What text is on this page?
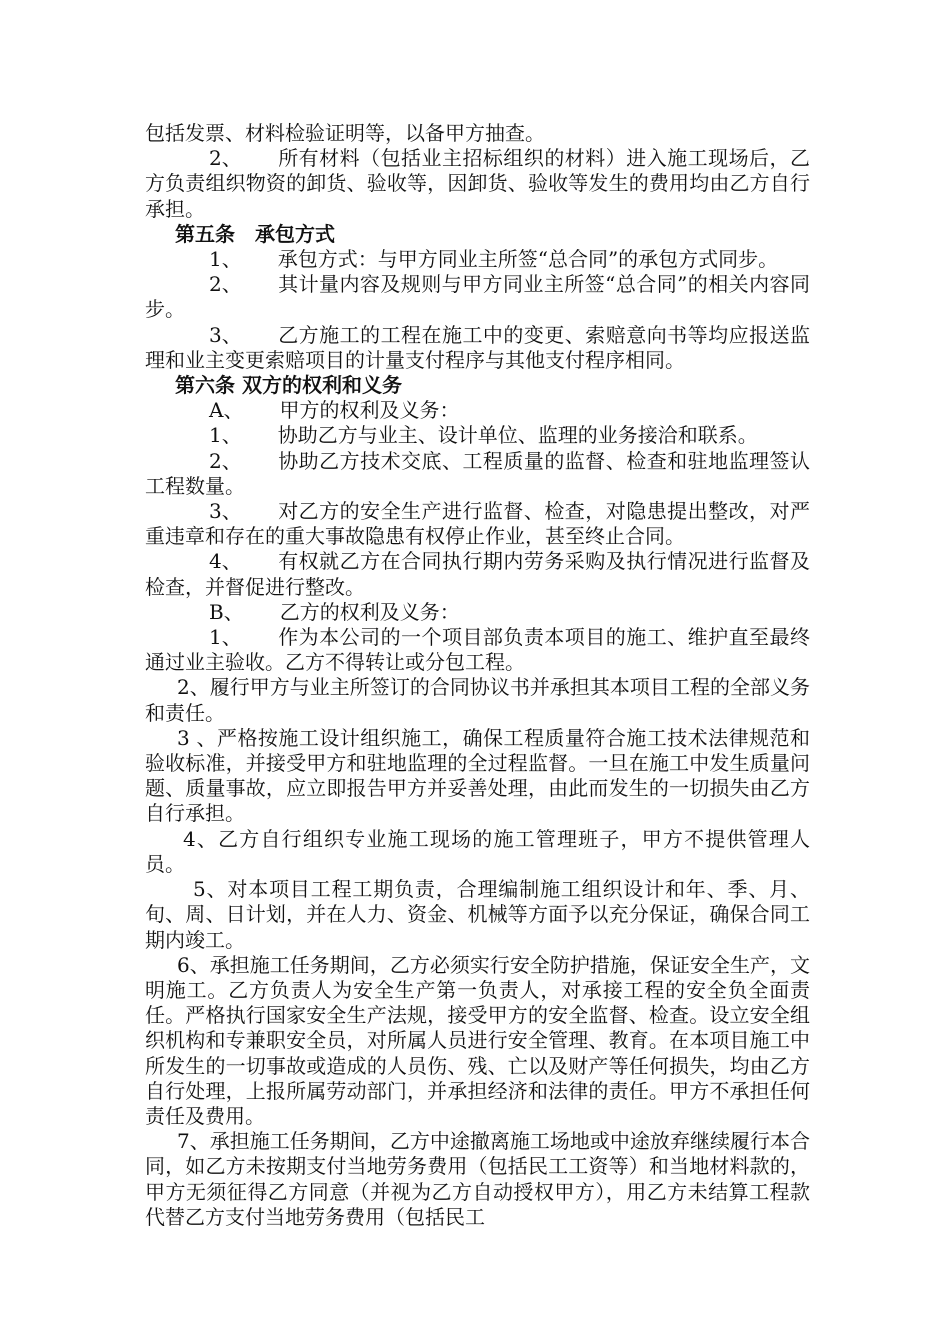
包括发票、材料检验证明等，以备甲方抽查。

2、 所有材料（包括业主招标组织的材料）进入施工现场后，乙方负责组织物资的卸货、验收等，因卸货、验收等发生的费用均由乙方自行承担。

第五条　承包方式

1、 承包方式：与甲方同业主所签“总合同”的承包方式同步。

2、 其计量内容及规则与甲方同业主所签“总合同”的相关内容同步。

3、 乙方施工的工程在施工中的变更、索赔意向书等均应报送监理和业主变更索赔项目的计量支付程序与其他支付程序相同。

第六条 双方的权利和义务

A、 甲方的权利及义务：

1、 协助乙方与业主、设计单位、监理的业务接洽和联系。

2、 协助乙方技术交底、工程质量的监督、检查和驻地监理签认工程数量。

3、 对乙方的安全生产进行监督、检查，对隐患提出整改，对严重违章和存在的重大事故隐患有权停止作业，甚至终止合同。

4、 有权就乙方在合同执行期内劳务采购及执行情况进行监督及检查，并督促进行整改。

B、 乙方的权利及义务：

1、 作为本公司的一个项目部负责本项目的施工、维护直至最终通过业主验收。乙方不得转让或分包工程。

2、履行甲方与业主所签订的合同协议书并承担其本项目工程的全部义务和责任。

3 、严格按施工设计组织施工，确保工程质量符合施工技术法律规范和验收标准，并接受甲方和驻地监理的全过程监督。一旦在施工中发生质量问题、质量事故，应立即报告甲方并妥善处理，由此而发生的一切损失由乙方自行承担。

4、乙方自行组织专业施工现场的施工管理班子，甲方不提供管理人员。

5、对本项目工程工期负责，合理编制施工组织设计和年、季、月、旬、周、日计划，并在人力、资金、机械等方面予以充分保证，确保合同工期内竣工。

6、承担施工任务期间，乙方必须实行安全防护措施，保证安全生产，文明施工。乙方负责人为安全生产第一负责人，对承接工程的安全负全面责任。严格执行国家安全生产法规，接受甲方的安全监督、检查。设立安全组织机构和专兼职安全员，对所属人员进行安全管理、教育。在本项目施工中所发生的一切事故或造成的人员伤、残、亡以及财产等任何损失，均由乙方自行处理，上报所属劳动部门，并承担经济和法律的责任。甲方不承担任何责任及费用。

7、承担施工任务期间，乙方中途撤离施工场地或中途放弃继续履行本合同，如乙方未按期支付当地劳务费用（包括民工工资等）和当地材料款的，甲方无须征得乙方同意（并视为乙方自动授权甲方），用乙方未结算工程款代替乙方支付当地劳务费用（包括民工
